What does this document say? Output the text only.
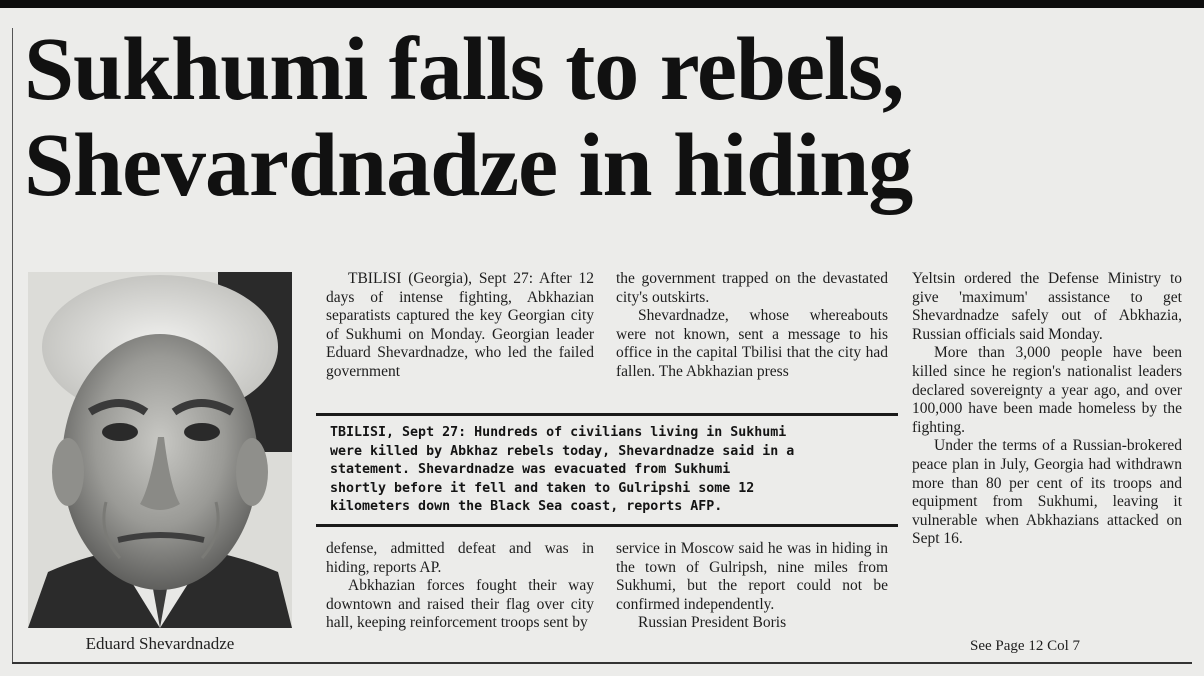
Sukhumi falls to rebels,
Shevardnadze in hiding
Eduard Shevardnadze

TBILISI (Georgia), Sept 27: After 12 days of intense fighting, Abkhazian separatists captured the key Georgian city of Sukhumi on Monday. Georgian leader Eduard Shevardnadze, who led the failed government

the government trapped on the devastated city's outskirts.

Shevardnadze, whose whereabouts were not known, sent a message to his office in the capital Tbilisi that the city had fallen. The Abkhazian press

TBILISI, Sept 27: Hundreds of civilians living in Sukhumi
were killed by Abkhaz rebels today, Shevardnadze said in a
statement. Shevardnadze was evacuated from Sukhumi
shortly before it fell and taken to Gulripshi some 12
kilometers down the Black Sea coast, reports AFP.

defense, admitted defeat and was in hiding, reports AP.

Abkhazian forces fought their way downtown and raised their flag over city hall, keeping reinforcement troops sent by

service in Moscow said he was in hiding in the town of Gulripsh, nine miles from Sukhumi, but the report could not be confirmed independently.

Russian President Boris

Yeltsin ordered the Defense Ministry to give 'maximum' assistance to get Shevardnadze safely out of Abkhazia, Russian officials said Monday.

More than 3,000 people have been killed since he region's nationalist leaders declared sovereignty a year ago, and over 100,000 have been made homeless by the fighting.

Under the terms of a Russian-brokered peace plan in July, Georgia had withdrawn more than 80 per cent of its troops and equipment from Sukhumi, leaving it vulnerable when Abkhazians attacked on Sept 16.

See Page 12 Col 7
